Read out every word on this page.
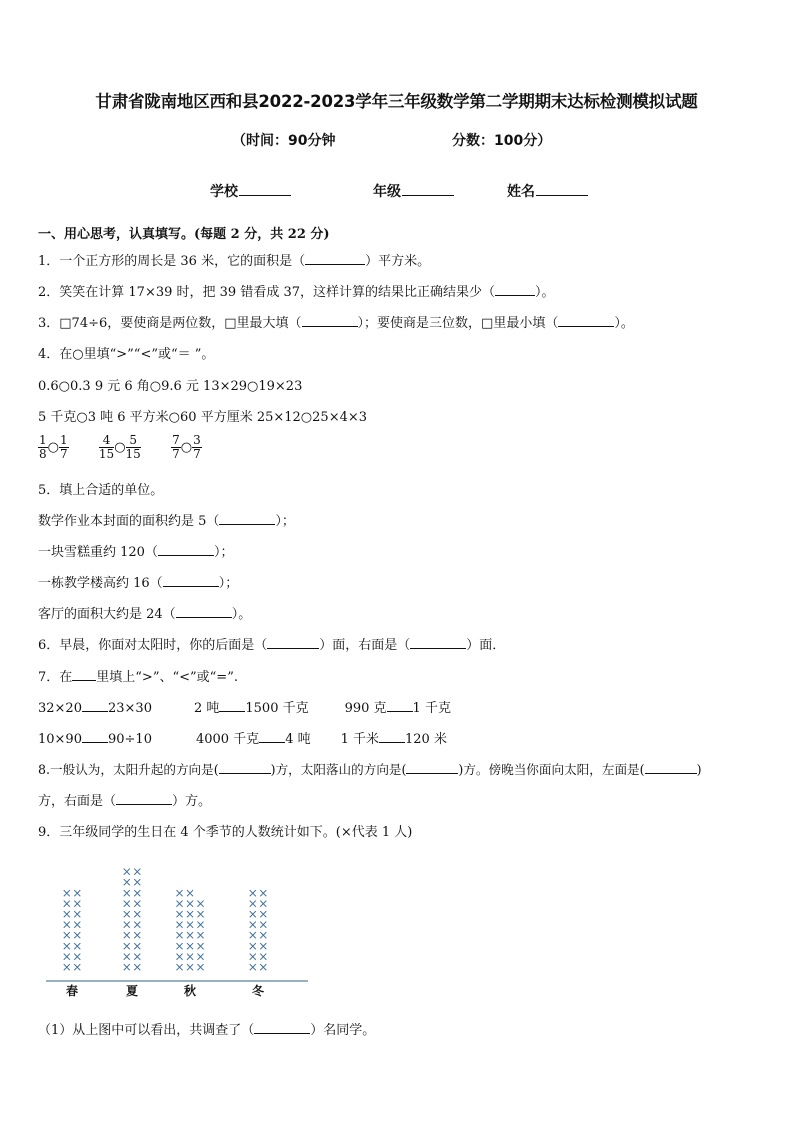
甘肃省陇南地区西和县2022-2023学年三年级数学第二学期期末达标检测模拟试题
（时间：90分钟	分数：100分）
学校	年级	姓名
一、用心思考，认真填写。(每题 2 分，共 22 分)
1．一个正方形的周长是 36 米，它的面积是（	）平方米。
2．笑笑在计算 17×39 时，把 39 错看成 37，这样计算的结果比正确结果少（	）。
3．□74÷6，要使商是两位数，□里最大填（	）；要使商是三位数，□里最小填（	）。
4．在○里填“>”“<”或“＝ ”。
0.6○0.3 9 元 6 角○9.6 元 13×29○19×23
5 千克○3 吨 6 平方米○60 平方厘米 25×12○25×4×3
$\frac{1}{8}$ ○ $\frac{1}{7}$
	$\frac{4}{15}$ ○ $\frac{5}{15}$
	$\frac{7}{7}$ ○ $\frac{3}{7}$
5．填上合适的单位。
数学作业本封面的面积约是 5（	）；
一块雪糕重约 120（	）；
一栋教学楼高约 16（	）；
客厅的面积大约是 24（	）。
6．早晨，你面对太阳时，你的后面是（	）面，右面是（	）面．
7．在 里填上“>”、“<”或“=”.
32×20 23×30	2 吨 1500 千克	990 克 1 千克
10×90 90÷10	4000 千克 4 吨 1 千米 120 米
8.一般认为，太阳升起的方向是(	)方，太阳落山的方向是(	)方。傍晚当你面向太阳，左面是(	)
方，右面是（	）方。
9．三年级同学的生日在 4 个季节的人数统计如下。(×代表 1 人)
×
×
×
×
×
×
×
×
×
×
×
×
×
×
×
×
×
×
×
×
×
×
×
×
×
×
×
×
×
×
×
×
×
×
×
×
×
×
×
×
×
×
×
×
×
×
×
×
×
×
×
×
×
×
×
×
×
×
×
×
×
×
×
×
×
×
×
×
×
×
×
×
×
×
×
春	夏	秋	冬
（1）从上图中可以看出，共调查了（	）名同学。
